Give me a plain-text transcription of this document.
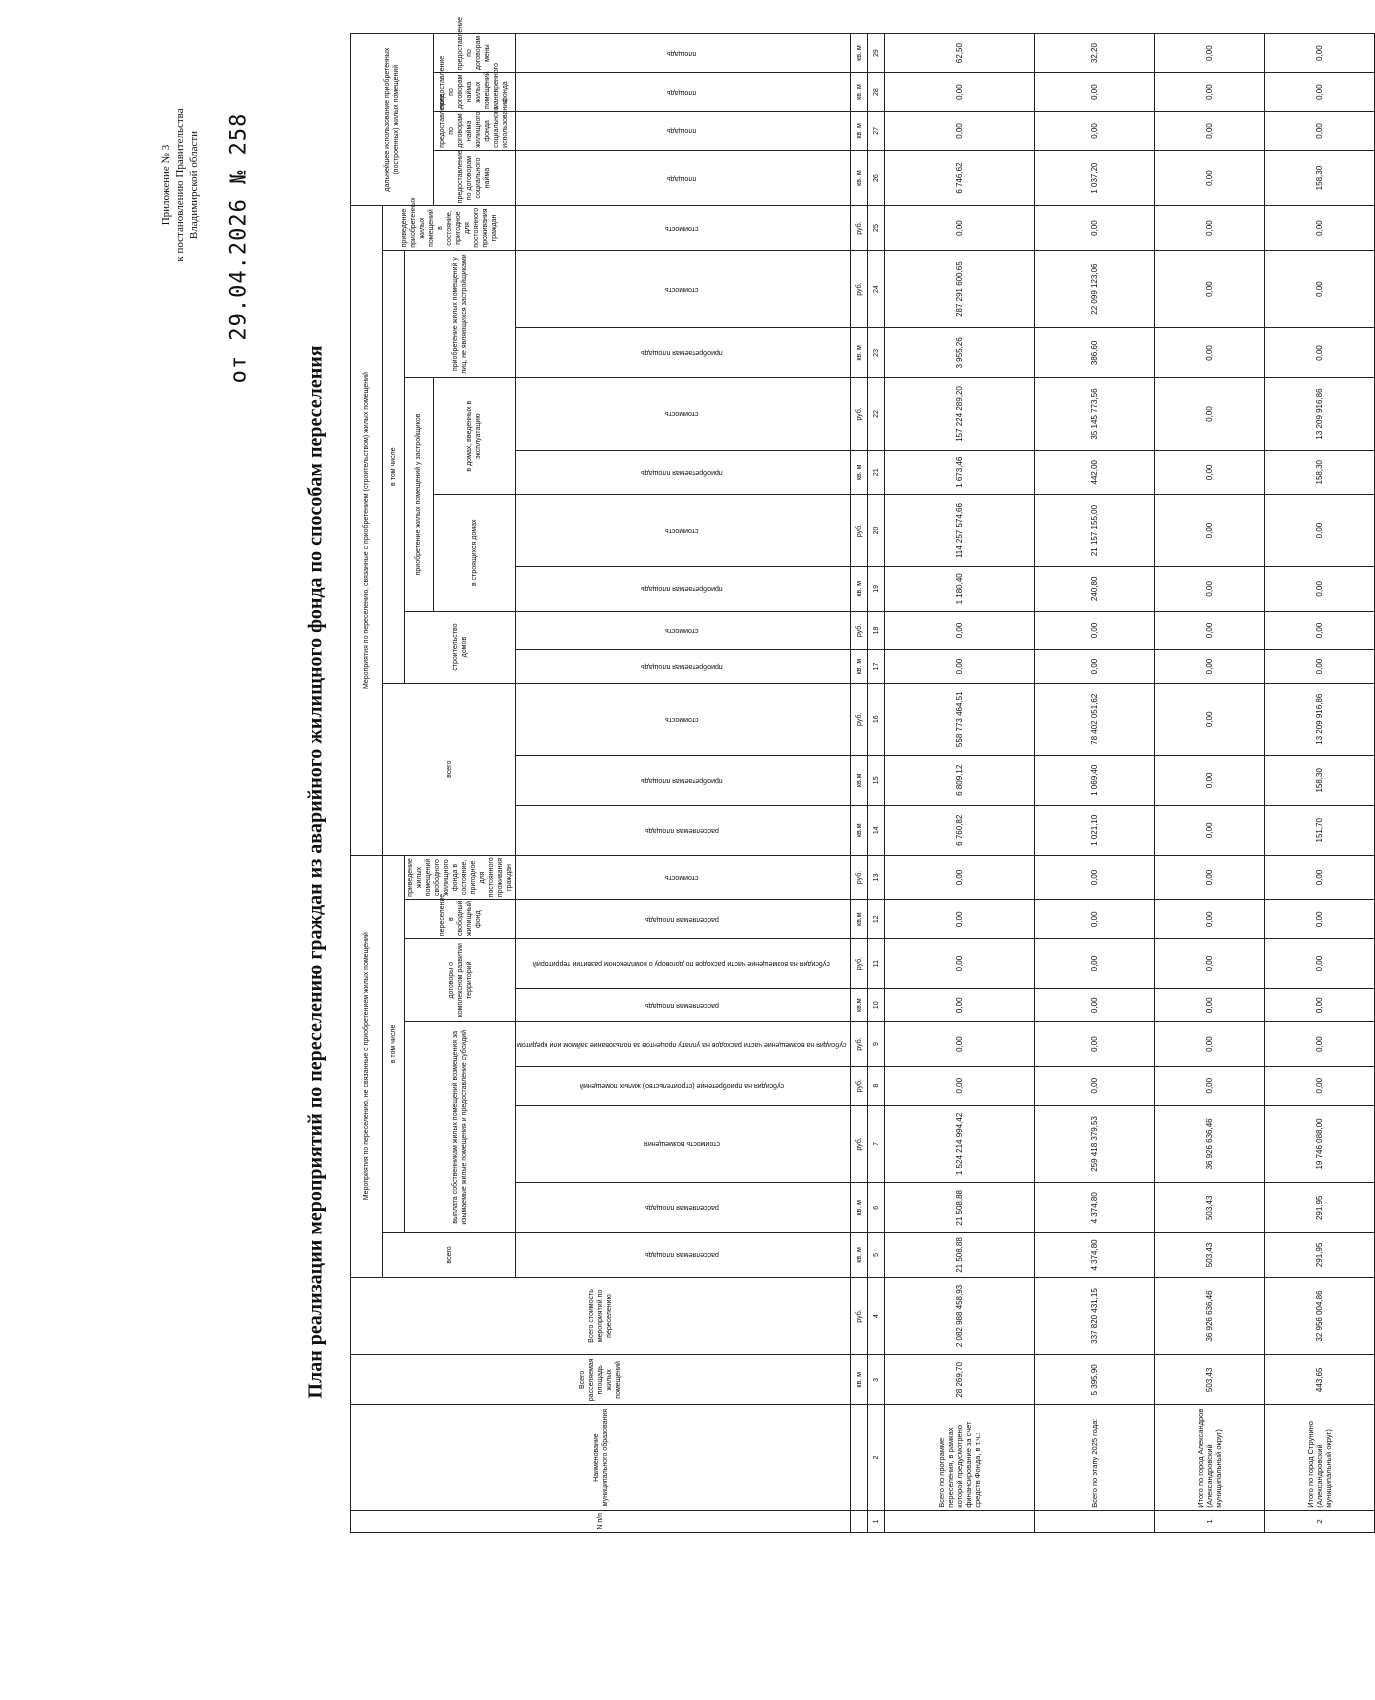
Приложение № 3 к постановлению Правительства Владимирской области от 29.04.2026 № 258
План реализации мероприятий по переселению граждан из аварийного жилищного фонда по способам переселения
N п/п	Наименование муниципального образования	Всего расселяемая площадь жилых помещений	Всего стоимость мероприятий по переселению	Мероприятия по переселению, не связанные с приобретением жилых помещений									Мероприятия по переселению, связанные с приобретением (строительством) жилых помещений												дальнейшее использование приобретенных (построенных) жилых помещений			
				всего	в том числе								всего			в том числе								приведение приобретенных жилых помещений в состояние, пригодное для постоянного проживания граждан				
					выплата собственникам жилых помещений возмещения за изымаемые жилые помещения и предоставление субсидий				договоры о комплексном развитии территорий		переселение в свободный жилищный фонд	приведение жилых помещений свободного жилищного фонда в состояние, пригодное для постоянного проживания граждан				строительство домов		приобретение жилых помещений у застройщиков				приобретение жилых помещений у лиц, не являющихся застройщиками						
																		в строящихся домах		в домах, введенных в эксплуатацию					предоставление по договорам социального найма	предоставление по договорам найма жилищного фонда социального использования	предоставление по договорам найма жилых помещений маневренного фонда	предоставление по договорам мены
				расселяемая площадь	расселяемая площадь	стоимость возмещения	субсидия на приобретение (строительство) жилых помещений	субсидия на возмещение части расходов на уплату процентов за пользование займом или кредитом	расселяемая площадь	субсидия на возмещение части расходов по договору о комплексном развитии территорий	расселяемая площадь	стоимость	расселяемая площадь	приобретаемая площадь	стоимость	приобретаемая площадь	стоимость	приобретаемая площадь	стоимость	приобретаемая площадь	стоимость	приобретаемая площадь	стоимость	стоимость	площадь	площадь	площадь	площадь
		кв. м	руб.	кв. м	кв. м	руб.	руб.	руб.	кв.м	руб.	кв.м	руб.	кв.м	кв.м	руб.	кв. м	руб.	кв. м	руб.	кв. м	руб.	кв. м	руб.	руб.	кв. м	кв. м	кв. м	кв. м
1	2	3	4	5	6	7	8	9	10	11	12	13	14	15	16	17	18	19	20	21	22	23	24	25	26	27	28	29
	Всего по программе переселения, в рамках которой предусмотрено финансирование за счет средств Фонда, в т.ч.:	28 269,70	2 082 988 458,93	21 508,88	21 508,88	1 524 214 994,42	0,00	0,00	0,00	0,00	0,00	0,00	6 760,82	6 809,12	558 773 464,51	0,00	0,00	1 180,40	114 257 574,66	1 673,46	157 224 289,20	3 955,26	287 291 600,65	0,00	6 746,62	0,00	0,00	62,50
	Всего по этапу 2025 года:	5 395,90	337 820 431,15	4 374,80	4 374,80	259 418 379,53	0,00	0,00	0,00	0,00	0,00	0,00	1 021,10	1 069,40	78 402 051,62	0,00	0,00	240,80	21 157 155,00	442,00	35 145 773,56	386,60	22 099 123,06	0,00	1 037,20	0,00	0,00	32,20
1	Итого по город Александров (Александровский муниципальный округ)	503,43	36 926 636,46	503,43	503,43	36 926 636,46	0,00	0,00	0,00	0,00	0,00	0,00	0,00	0,00	0,00	0,00	0,00	0,00	0,00	0,00	0,00	0,00	0,00	0,00	0,00	0,00	0,00	0,00
2	Итого по город Струнино (Александровский муниципальный округ)	443,65	32 956 004,86	291,95	291,95	19 746 088,00	0,00	0,00	0,00	0,00	0,00	0,00	151,70	158,30	13 209 916,86	0,00	0,00	0,00	0,00	158,30	13 209 916,86	0,00	0,00	0,00	158,30	0,00	0,00	0,00
